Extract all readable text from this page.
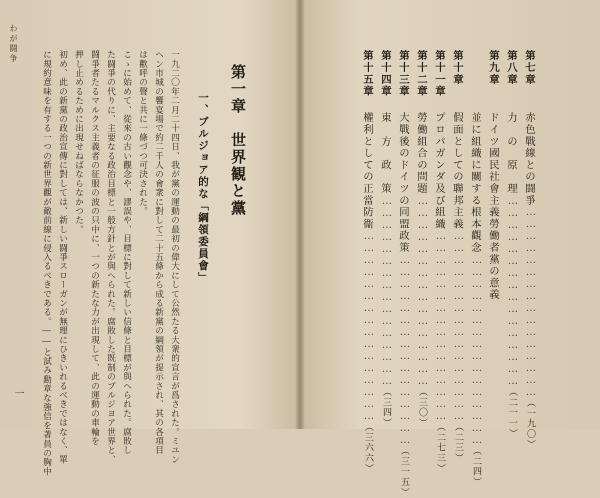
わが闘争
一
第一章　世界観と黨
一、ブルジョア的な「綱領委員會」
一九二〇年二月二十四日、我が黨の運動の最初の偉大にして公然たる大衆的宣言が爲された。ミユン
ヘン市城の饗宴場で約二千人の會衆に對して二十五條から成る新黨の綱領が提示され、其の各項目
は歡呼の聲と共に一條づつ可決された。
こゝに始めて、從來の古い觀念や、謬誤や、目標に對して新しい信條と目標が與へられた。腐敗し
た闘爭の代りに、主要なる政治目標と一般方針とが與へられた。腐敗した既制のブルジヨア世界と、
闘爭者たるマルクス主義者の征服の波の只中に、一つの新たな力が出現して、此の運動の車輪を
押し止めるために出現せねばならなかつた。
初め、此の新黨の政治宣傳に對しては、新しい闘爭スローガンが無理にひきいれるべきではなく、單
に規約意味を有する一つの新世界觀が敵前線に侵入るべきである。――と試み勳章な強信を著員の胸中	第七章
赤色戰線との闘爭
…………………………………………
（一九〇）
第八章
力　の　原　理
…………………………………………
（二一一）
第九章
ドイツ國民社會主義勞働者黨の意義
並に組織に關する根本觀念
…………………………………………
（二四）
第十章
假面としての聯邦主義
…………………………………………
（二三）
第十一章
プロパガンダ及び組織
…………………………………………
（二七三）
第十二章
勞働組合の問題
…………………………………………
（三〇）
第十三章
大戰後のドイツの同盟政策
…………………………………………
（三一五）
第十四章
東　方　政　策
…………………………………………
（三四）
第十五章
權利としての正當防衞
…………………………………………
（三六六）
